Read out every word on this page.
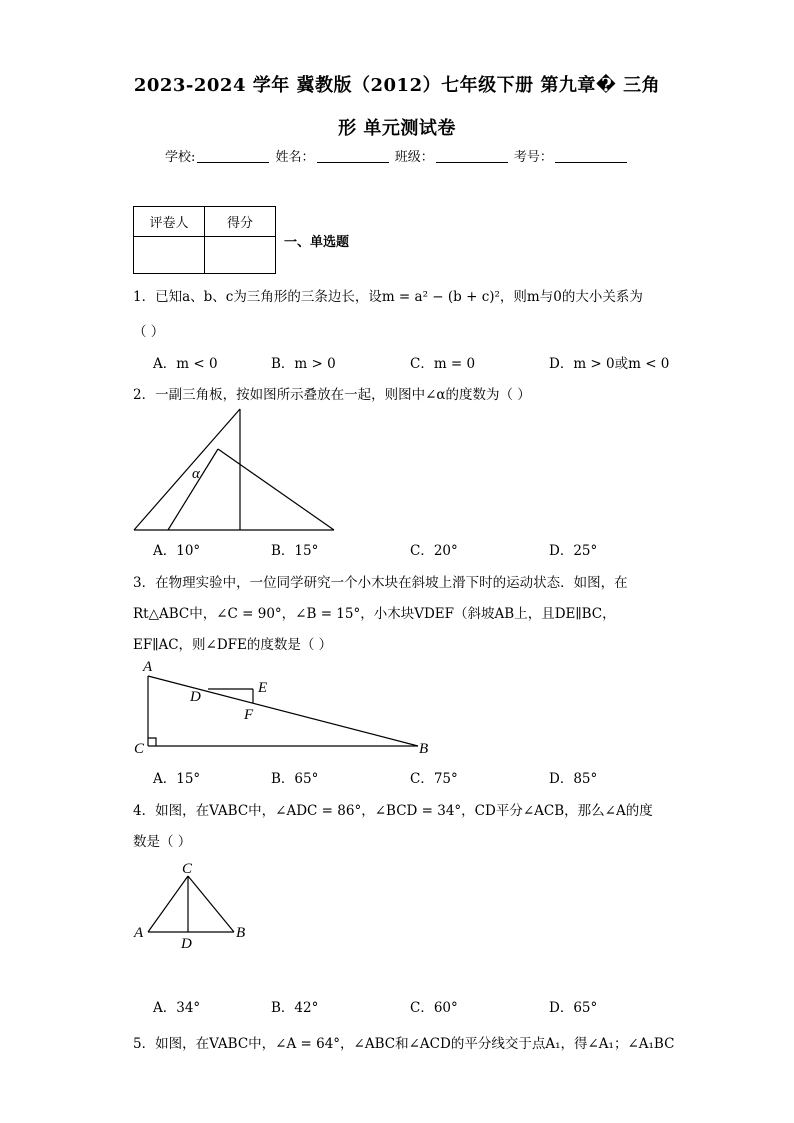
2023-2024 学年 冀教版（2012）七年级下册 第九章� 三角
形 单元测试卷
学校:	姓名：	班级：	考号：
评卷人	得分

一、单选题
1．已知a、b、c为三角形的三条边长，设m = a² − (b + c)²，则m与0的大小关系为
（ ）
A．m < 0	B．m > 0	C．m = 0	D．m > 0或m < 0
2．一副三角板，按如图所示叠放在一起，则图中∠α的度数为（ ）
α
A．10°	B．15°	C．20°	D．25°
3．在物理实验中，一位同学研究一个小木块在斜坡上滑下时的运动状态．如图，在
Rt△ABC中，∠C = 90°，∠B = 15°，小木块VDEF（斜坡AB上，且DE∥BC，
EF∥AC，则∠DFE的度数是（ ）
A
D
E
F
C	B
A．15°	B．65°	C．75°	D．85°
4．如图，在VABC中，∠ADC = 86°，∠BCD = 34°，CD平分∠ACB，那么∠A的度
数是（ ）
C
A
D
B
A．34°	B．42°	C．60°	D．65°
5．如图，在VABC中，∠A = 64°，∠ABC和∠ACD的平分线交于点A₁，得∠A₁；∠A₁BC
